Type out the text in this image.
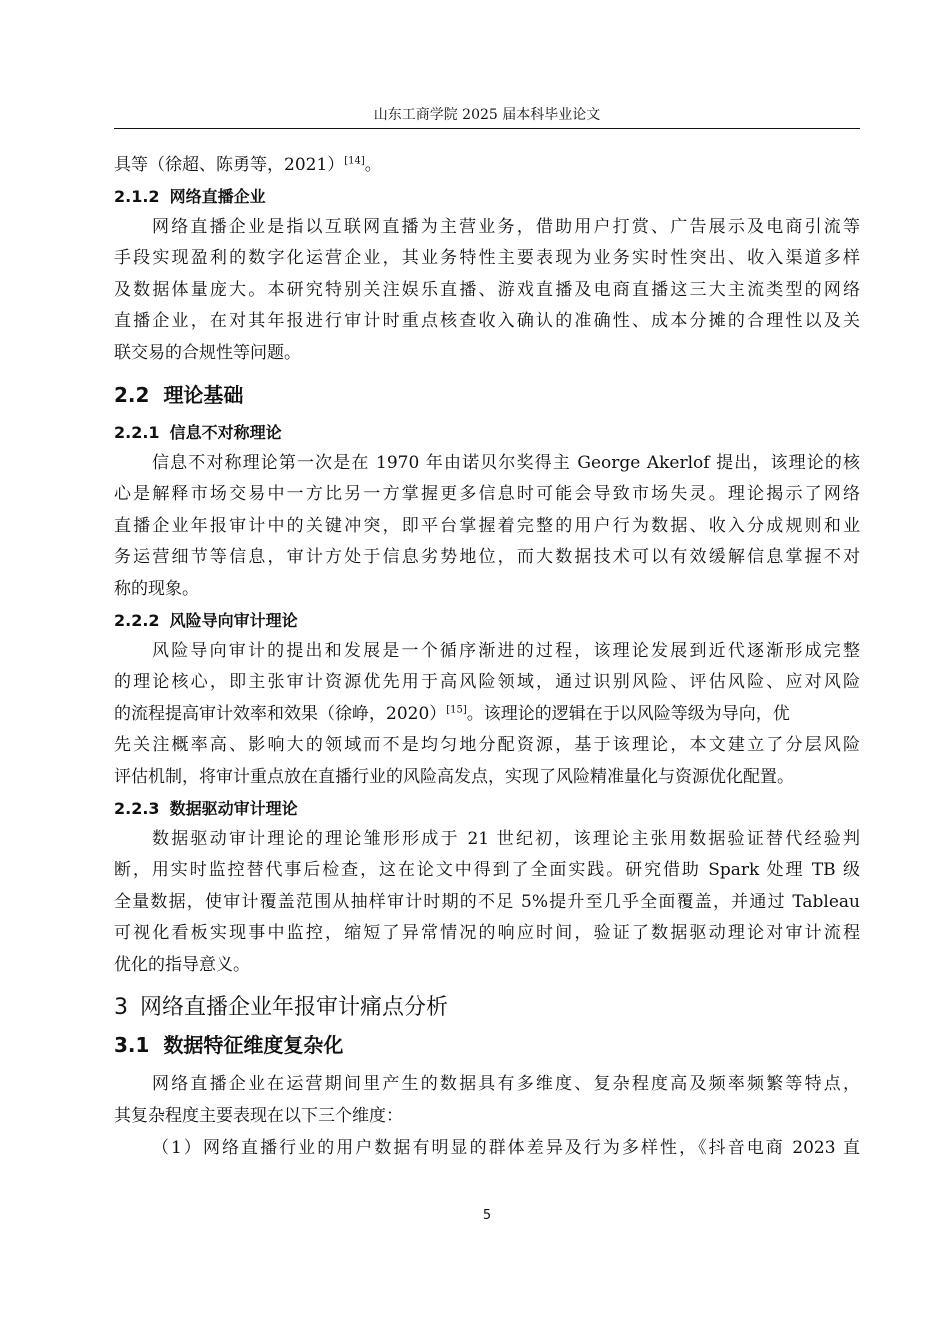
山东工商学院 2025 届本科毕业论文
具等（徐超、陈勇等，2021）[14]。
2.1.2 网络直播企业
网络直播企业是指以互联网直播为主营业务，借助用户打赏、广告展示及电商引流等
手段实现盈利的数字化运营企业，其业务特性主要表现为业务实时性突出、收入渠道多样
及数据体量庞大。本研究特别关注娱乐直播、游戏直播及电商直播这三大主流类型的网络
直播企业，在对其年报进行审计时重点核查收入确认的准确性、成本分摊的合理性以及关
联交易的合规性等问题。
2.2 理论基础
2.2.1 信息不对称理论
信息不对称理论第一次是在 1970 年由诺贝尔奖得主 George Akerlof 提出，该理论的核
心是解释市场交易中一方比另一方掌握更多信息时可能会导致市场失灵。理论揭示了网络
直播企业年报审计中的关键冲突，即平台掌握着完整的用户行为数据、收入分成规则和业
务运营细节等信息，审计方处于信息劣势地位，而大数据技术可以有效缓解信息掌握不对
称的现象。
2.2.2 风险导向审计理论
风险导向审计的提出和发展是一个循序渐进的过程，该理论发展到近代逐渐形成完整
的理论核心，即主张审计资源优先用于高风险领域，通过识别风险、评估风险、应对风险
的流程提高审计效率和效果（徐峥，2020）[15]。该理论的逻辑在于以风险等级为导向，优
先关注概率高、影响大的领域而不是均匀地分配资源，基于该理论，本文建立了分层风险
评估机制，将审计重点放在直播行业的风险高发点，实现了风险精准量化与资源优化配置。
2.2.3 数据驱动审计理论
数据驱动审计理论的理论雏形形成于 21 世纪初，该理论主张用数据验证替代经验判
断，用实时监控替代事后检查，这在论文中得到了全面实践。研究借助 Spark 处理 TB 级
全量数据，使审计覆盖范围从抽样审计时期的不足 5%提升至几乎全面覆盖，并通过 Tableau
可视化看板实现事中监控，缩短了异常情况的响应时间，验证了数据驱动理论对审计流程
优化的指导意义。
3 网络直播企业年报审计痛点分析
3.1 数据特征维度复杂化
网络直播企业在运营期间里产生的数据具有多维度、复杂程度高及频率频繁等特点，
其复杂程度主要表现在以下三个维度：
（1）网络直播行业的用户数据有明显的群体差异及行为多样性，《抖音电商 2023 直
5
